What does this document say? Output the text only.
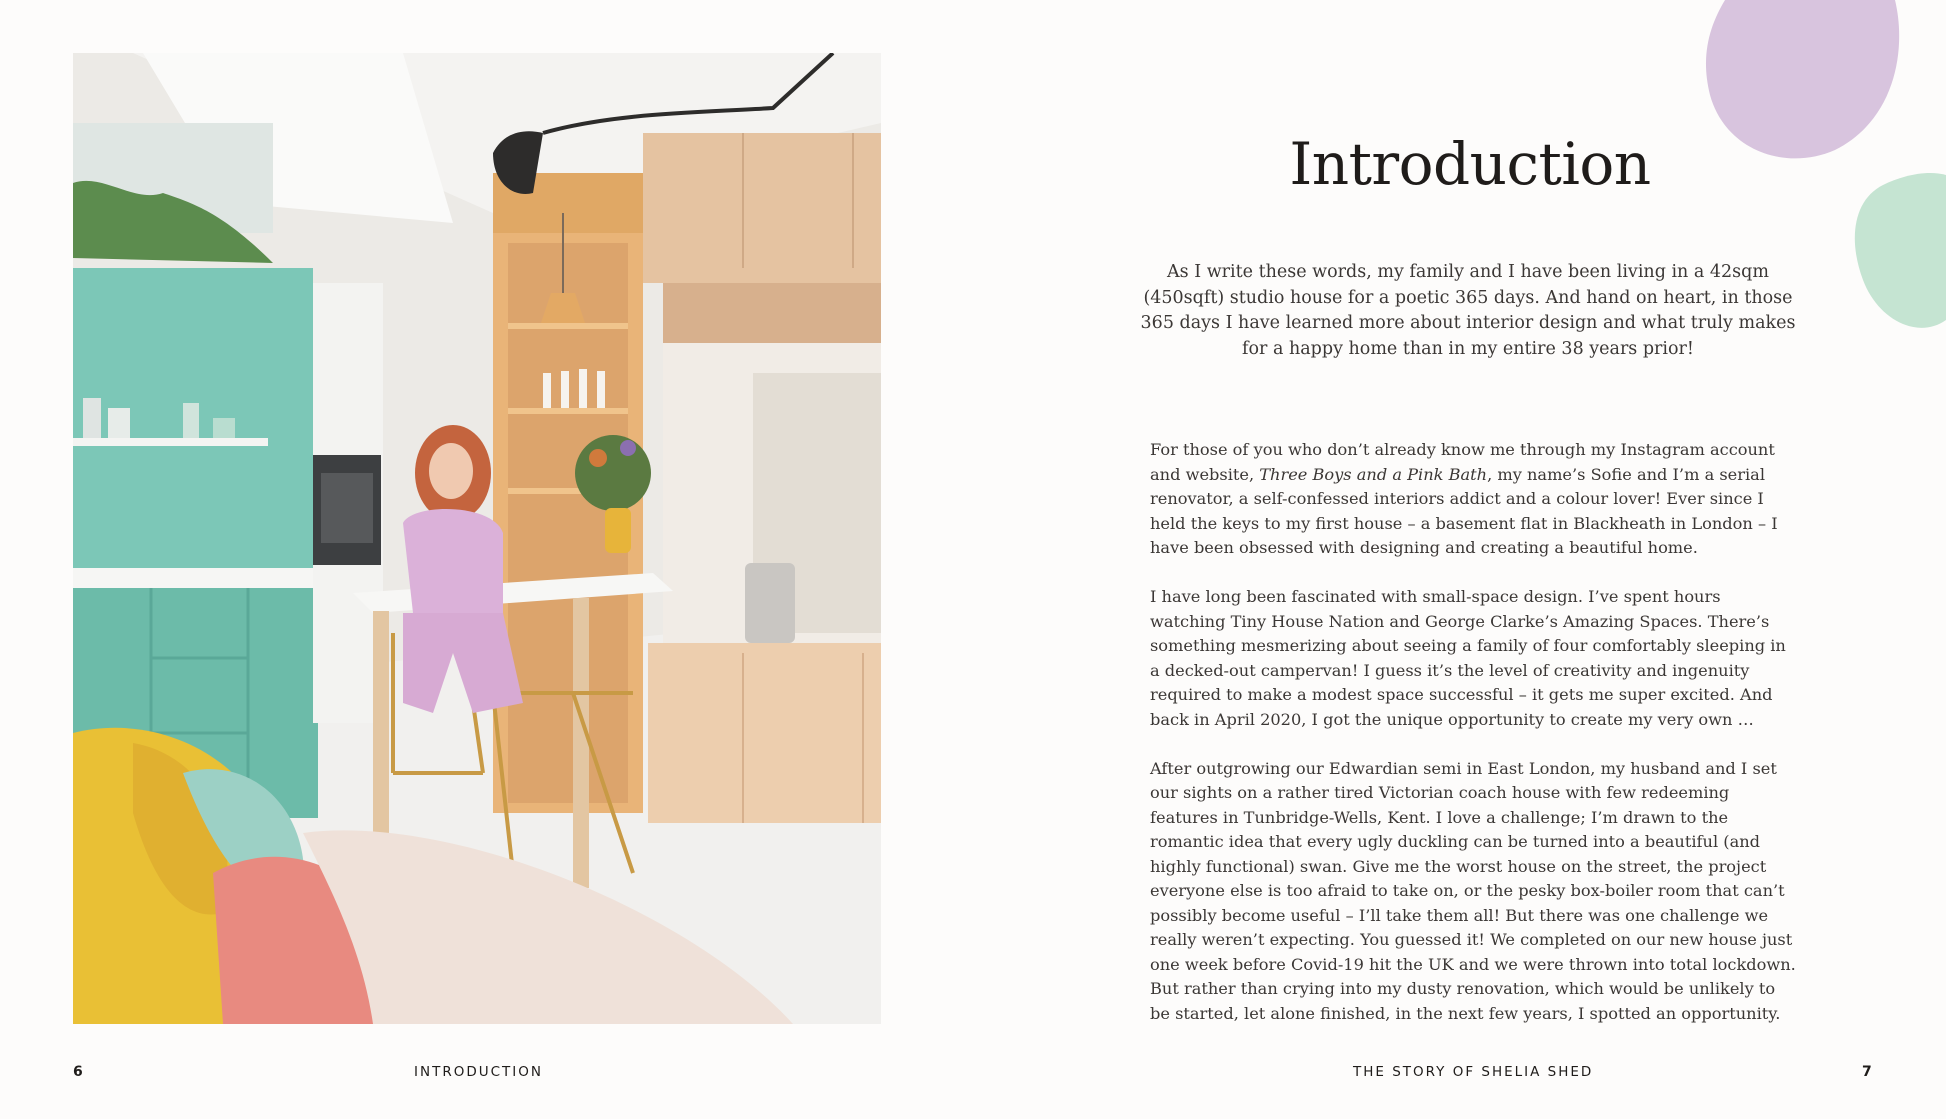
Introduction

As I write these words, my family and I have been living in a 42sqm (450sqft) studio house for a poetic 365 days. And hand on heart, in those 365 days I have learned more about interior design and what truly makes for a happy home than in my entire 38 years prior!

For those of you who don’t already know me through my Instagram account and website, Three Boys and a Pink Bath, my name’s Sofie and I’m a serial renovator, a self-confessed interiors addict and a colour lover! Ever since I held the keys to my first house – a basement flat in Blackheath in London – I have been obsessed with designing and creating a beautiful home.

I have long been fascinated with small-space design. I’ve spent hours watching Tiny House Nation and George Clarke’s Amazing Spaces. There’s something mesmerizing about seeing a family of four comfortably sleeping in a decked-out campervan! I guess it’s the level of creativity and ingenuity required to make a modest space successful – it gets me super excited. And back in April 2020, I got the unique opportunity to create my very own …

After outgrowing our Edwardian semi in East London, my husband and I set our sights on a rather tired Victorian coach house with few redeeming features in Tunbridge-Wells, Kent. I love a challenge; I’m drawn to the romantic idea that every ugly duckling can be turned into a beautiful (and highly functional) swan. Give me the worst house on the street, the project everyone else is too afraid to take on, or the pesky box-boiler room that can’t possibly become useful – I’ll take them all! But there was one challenge we really weren’t expecting. You guessed it! We completed on our new house just one week before Covid-19 hit the UK and we were thrown into total lockdown. But rather than crying into my dusty renovation, which would be unlikely to be started, let alone finished, in the next few years, I spotted an opportunity.

6	INTRODUCTION	THE STORY OF SHELIA SHED	7
